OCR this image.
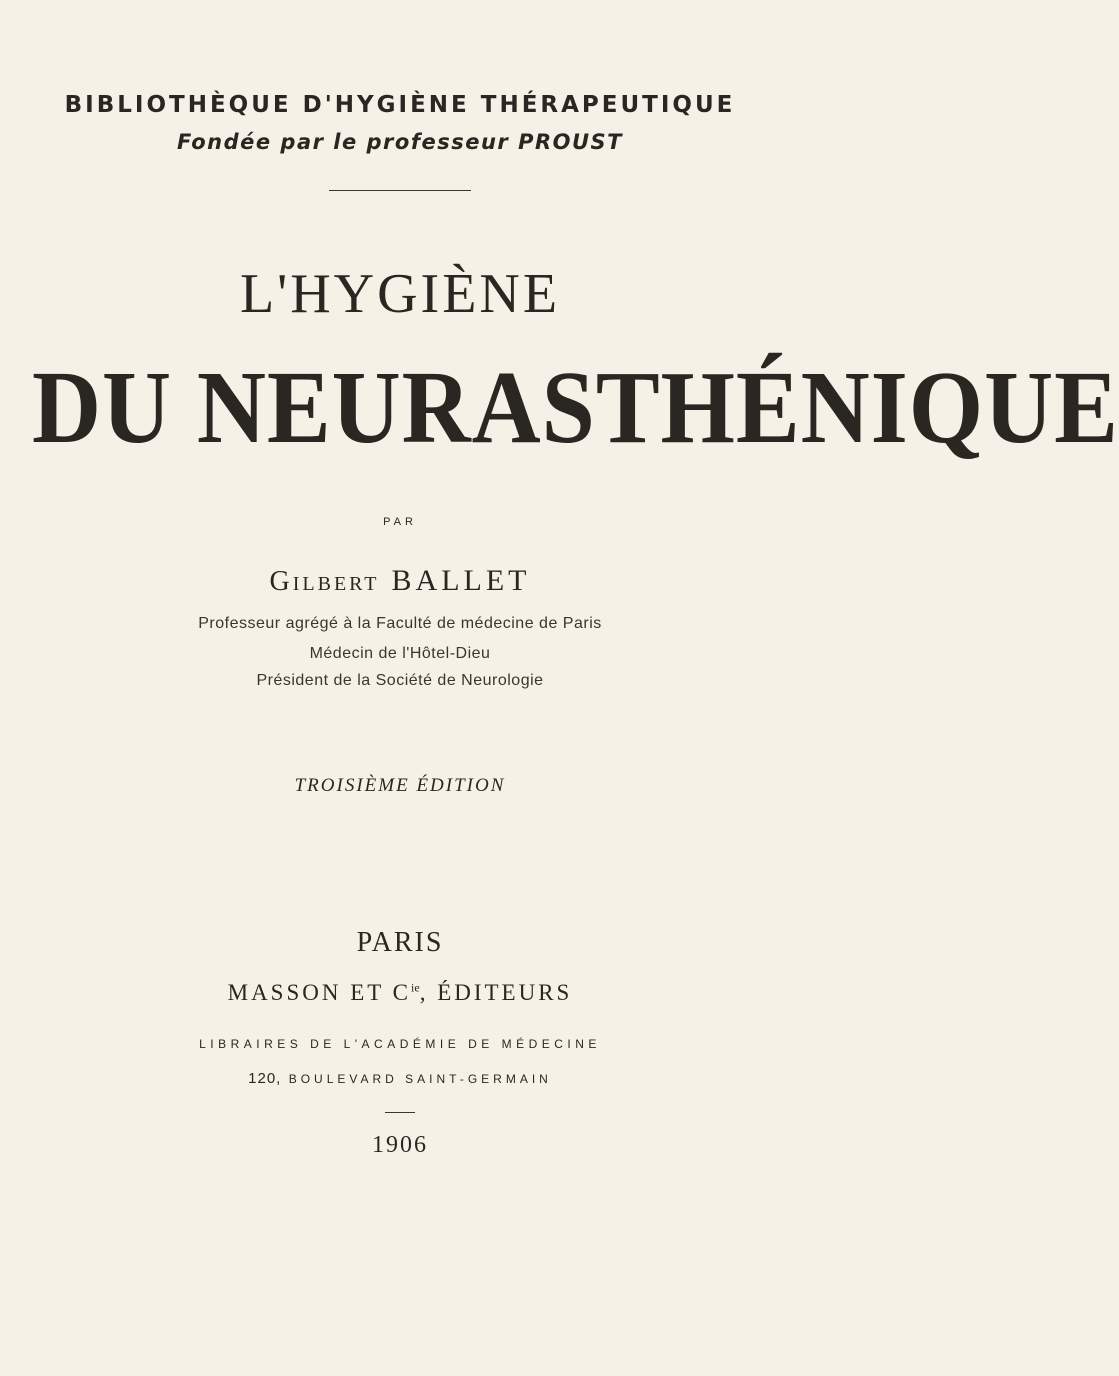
BIBLIOTHÈQUE D'HYGIÈNE THÉRAPEUTIQUE
Fondée par le professeur PROUST
L'HYGIÈNE
DU NEURASTHÉNIQUE
PAR
Gilbert BALLET
Professeur agrégé à la Faculté de médecine de Paris
Médecin de l'Hôtel-Dieu
Président de la Société de Neurologie
TROISIÈME ÉDITION
PARIS
MASSON ET $C^{ie}$, ÉDITEURS
LIBRAIRES DE L'ACADÉMIE DE MÉDECINE
120, BOULEVARD SAINT-GERMAIN
1906
